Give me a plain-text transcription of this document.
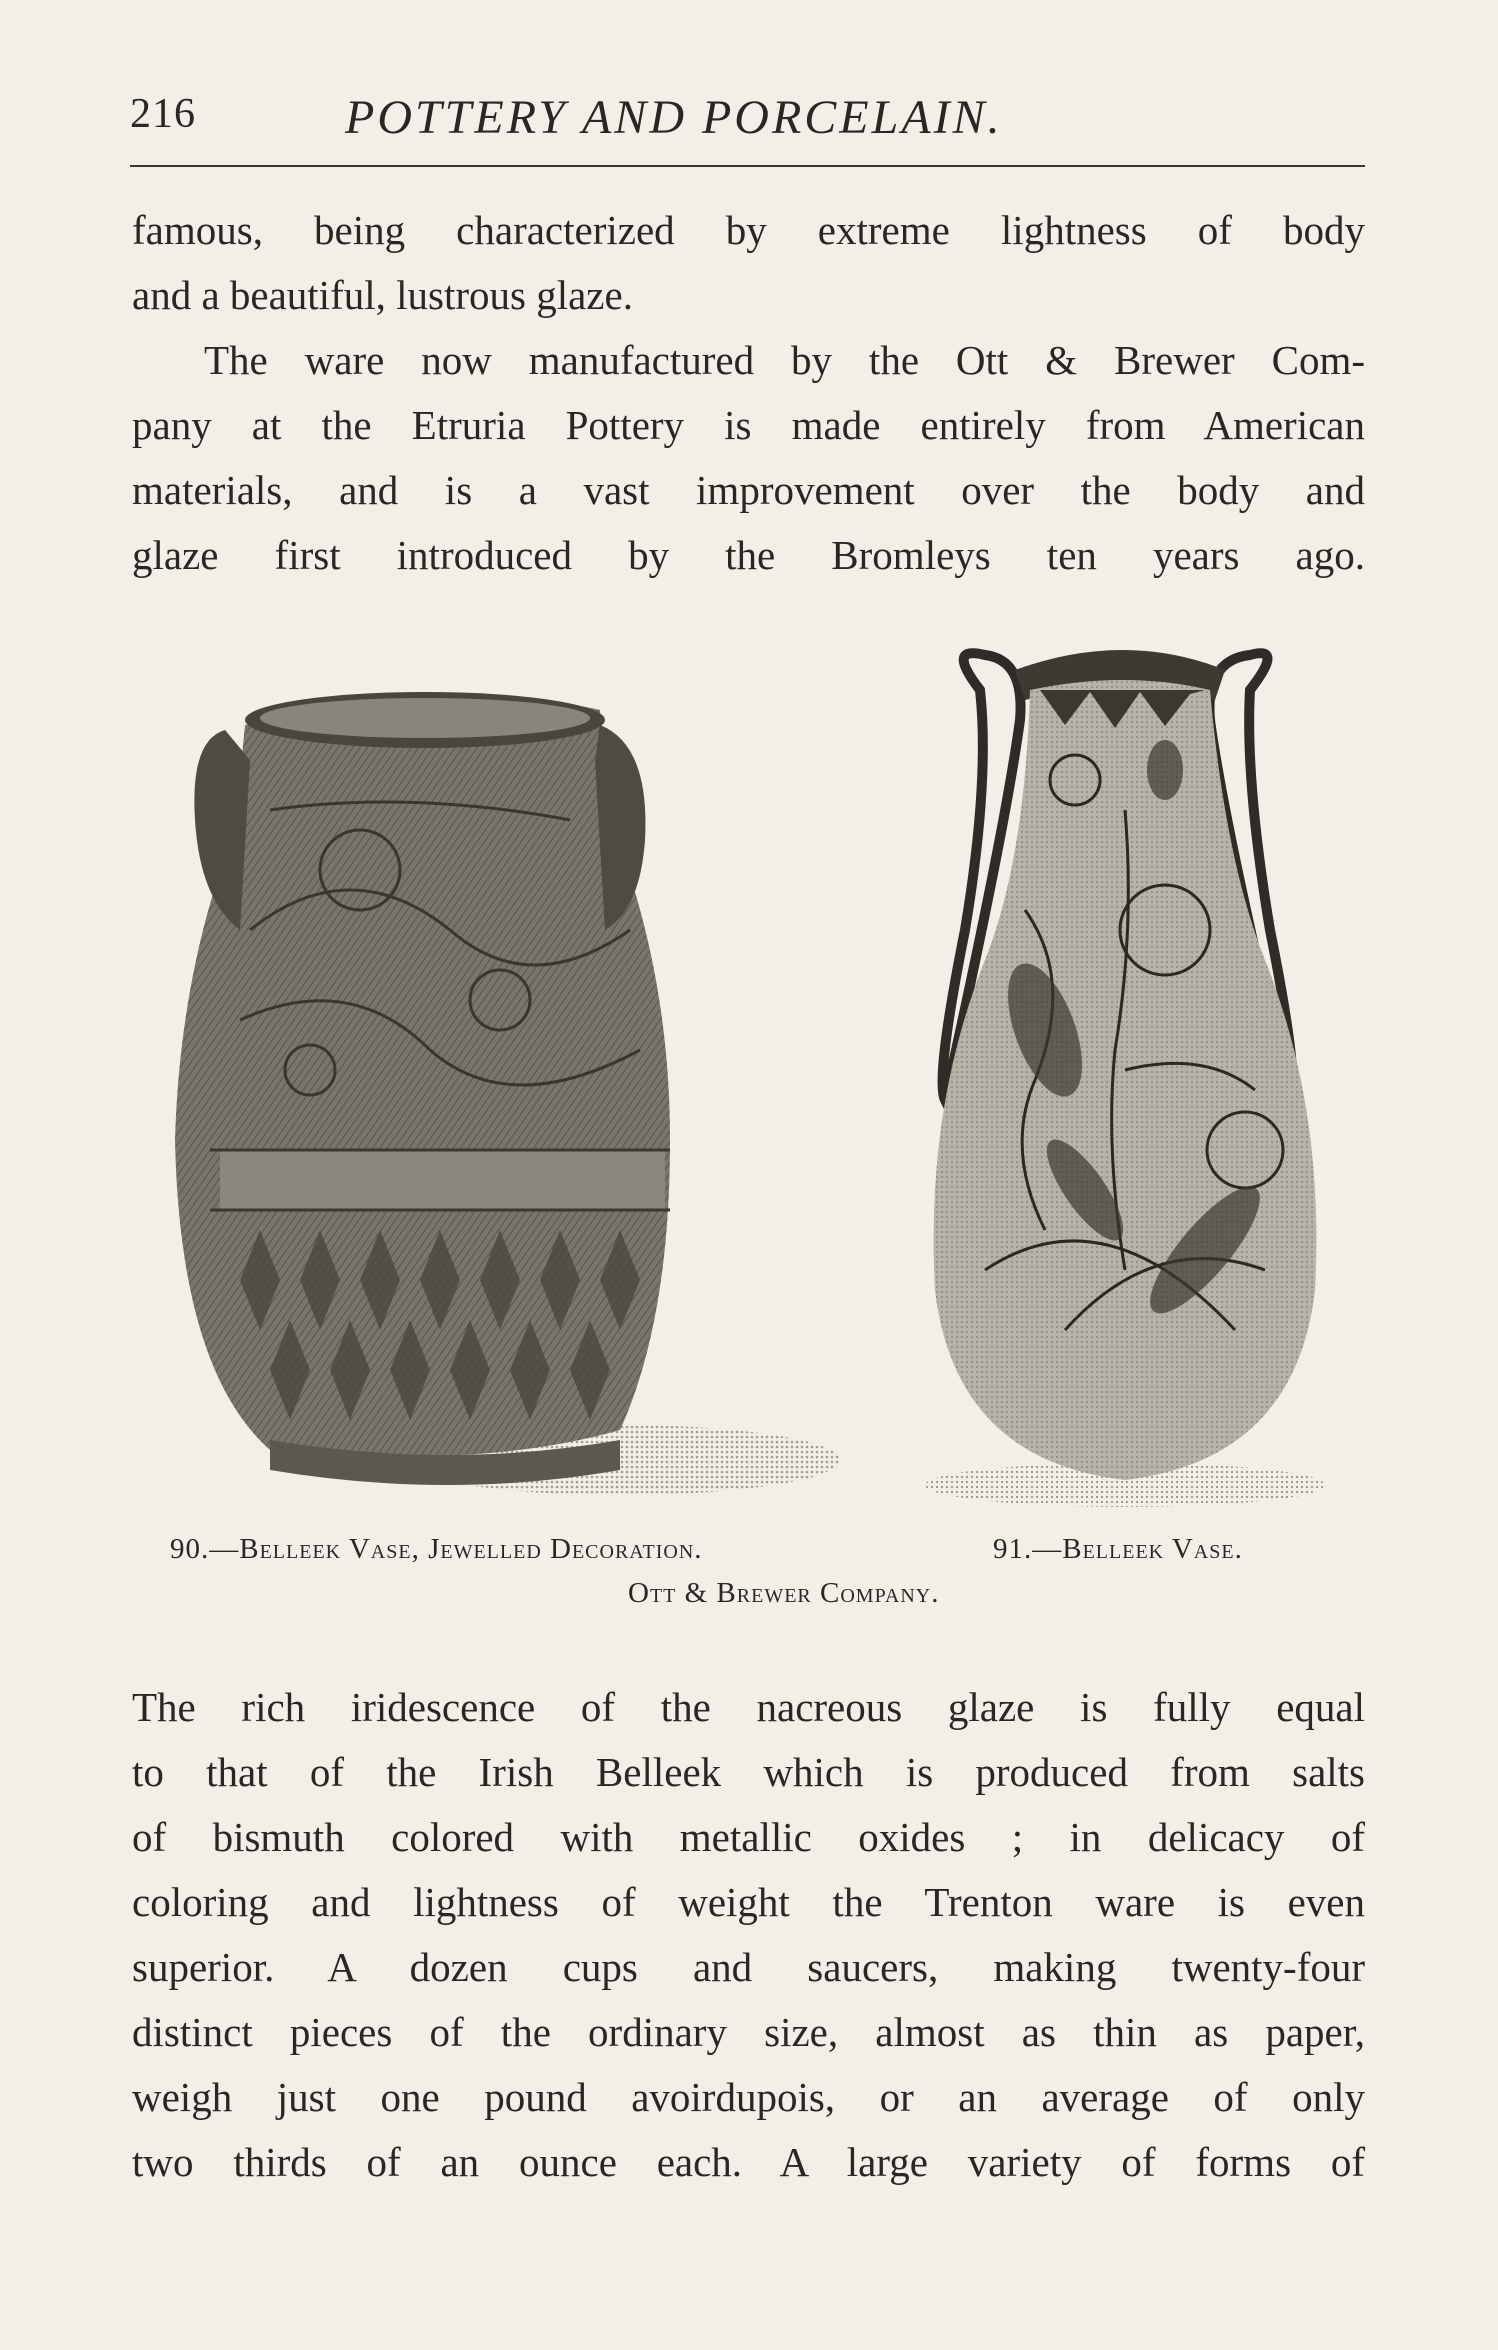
216	POTTERY AND PORCELAIN.
famous, being characterized by extreme lightness of body
and a beautiful, lustrous glaze.
The ware now manufactured by the Ott & Brewer Com-
pany at the Etruria Pottery is made entirely from American
materials, and is a vast improvement over the body and
glaze first introduced by the Bromleys ten years ago.
90.—Belleek Vase, Jewelled Decoration.	91.—Belleek Vase.
Ott & Brewer Company.
The rich iridescence of the nacreous glaze is fully equal
to that of the Irish Belleek which is produced from salts
of bismuth colored with metallic oxides ; in delicacy of
coloring and lightness of weight the Trenton ware is even
superior. A dozen cups and saucers, making twenty-four
distinct pieces of the ordinary size, almost as thin as paper,
weigh just one pound avoirdupois, or an average of only
two thirds of an ounce each. A large variety of forms of
